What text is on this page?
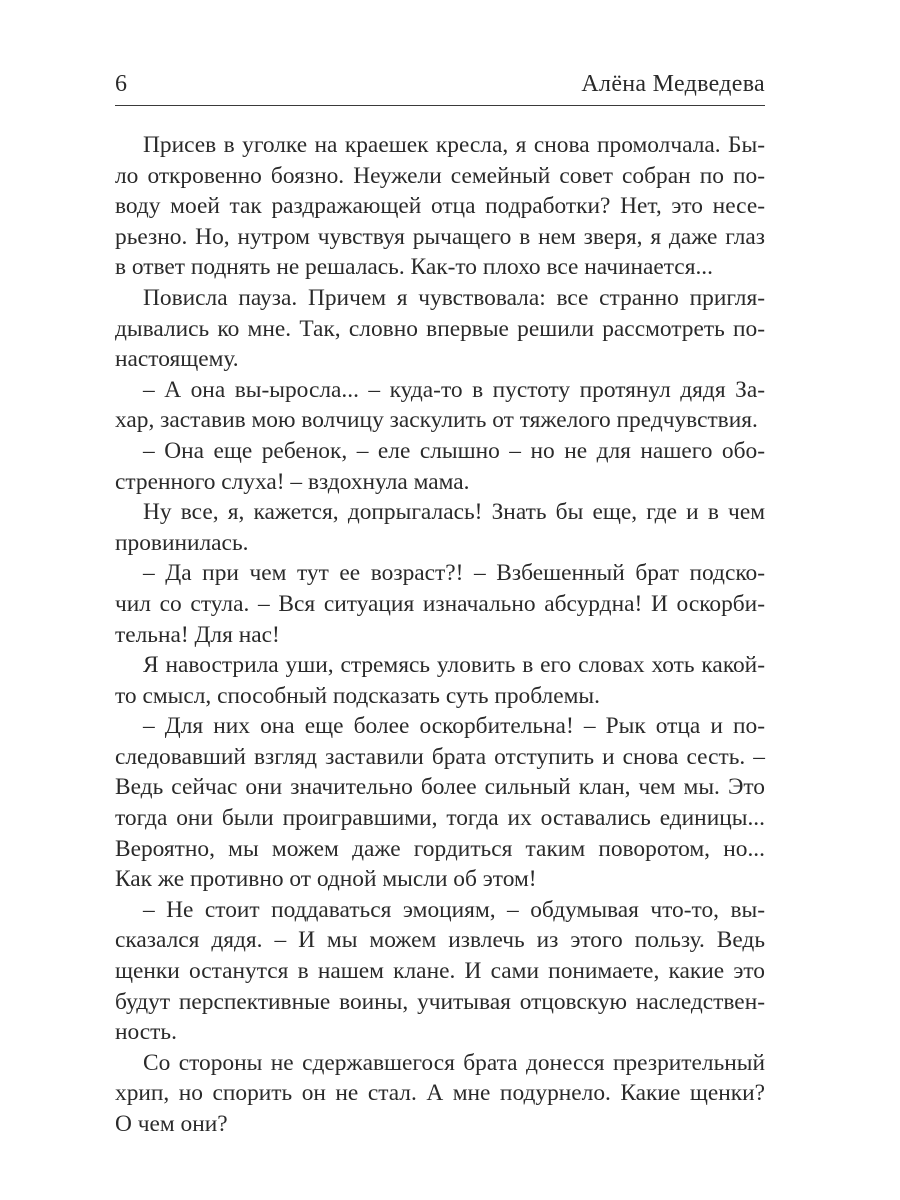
6	Алёна Медведева
Присев в уголке на краешек кресла, я снова промолчала. Бы-
ло откровенно боязно. Неужели семейный совет собран по по-
воду моей так раздражающей отца подработки? Нет, это несе-
рьезно. Но, нутром чувствуя рычащего в нем зверя, я даже глаз
в ответ поднять не решалась. Как-то плохо все начинается...
Повисла пауза. Причем я чувствовала: все странно пригля-
дывались ко мне. Так, словно впервые решили рассмотреть по-
настоящему.
– А она вы-ыросла... – куда-то в пустоту протянул дядя За-
хар, заставив мою волчицу заскулить от тяжелого предчувствия.
– Она еще ребенок, – еле слышно – но не для нашего обо-
стренного слуха! – вздохнула мама.
Ну все, я, кажется, допрыгалась! Знать бы еще, где и в чем
провинилась.
– Да при чем тут ее возраст?! – Взбешенный брат подско-
чил со стула. – Вся ситуация изначально абсурдна! И оскорби-
тельна! Для нас!
Я навострила уши, стремясь уловить в его словах хоть какой-
то смысл, способный подсказать суть проблемы.
– Для них она еще более оскорбительна! – Рык отца и по-
следовавший взгляд заставили брата отступить и снова сесть. –
Ведь сейчас они значительно более сильный клан, чем мы. Это
тогда они были проигравшими, тогда их оставались единицы...
Вероятно, мы можем даже гордиться таким поворотом, но...
Как же противно от одной мысли об этом!
– Не стоит поддаваться эмоциям, – обдумывая что-то, вы-
сказался дядя. – И мы можем извлечь из этого пользу. Ведь
щенки останутся в нашем клане. И сами понимаете, какие это
будут перспективные воины, учитывая отцовскую наследствен-
ность.
Со стороны не сдержавшегося брата донесся презрительный
хрип, но спорить он не стал. А мне подурнело. Какие щенки?
О чем они?
